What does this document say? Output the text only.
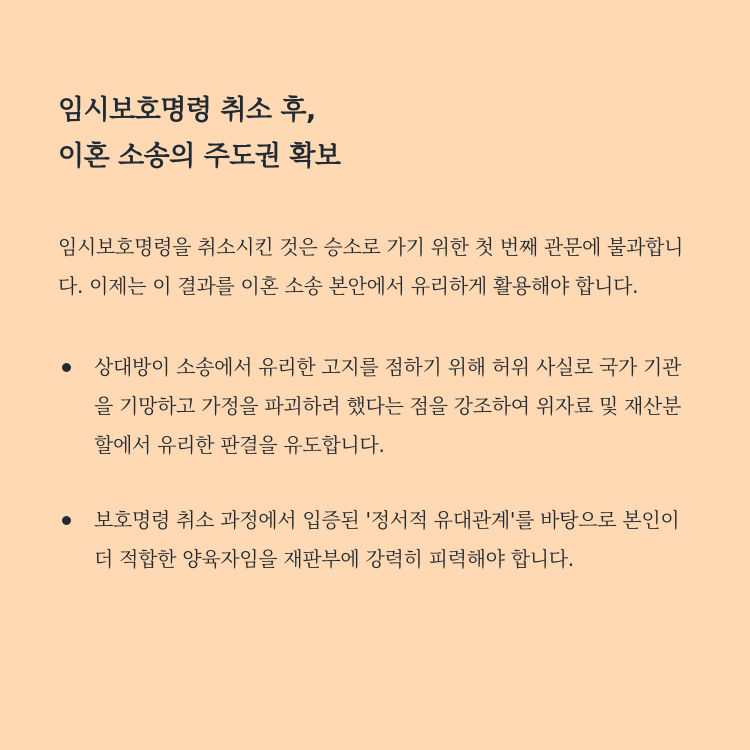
임시보호명령 취소 후,
이혼 소송의 주도권 확보

임시보호명령을 취소시킨 것은 승소로 가기 위한 첫 번째 관문에 불과합니다. 이제는 이 결과를 이혼 소송 본안에서 유리하게 활용해야 합니다.

상대방이 소송에서 유리한 고지를 점하기 위해 허위 사실로 국가 기관을 기망하고 가정을 파괴하려 했다는 점을 강조하여 위자료 및 재산분할에서 유리한 판결을 유도합니다.
보호명령 취소 과정에서 입증된 '정서적 유대관계'를 바탕으로 본인이 더 적합한 양육자임을 재판부에 강력히 피력해야 합니다.
